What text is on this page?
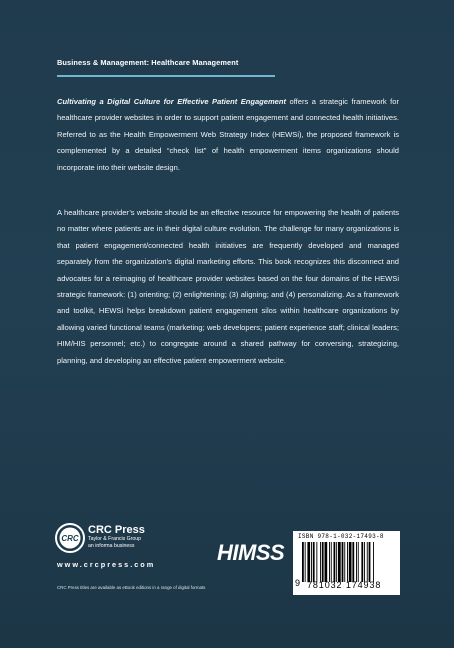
Business & Management: Healthcare Management

Cultivating a Digital Culture for Effective Patient Engagement offers a strategic framework for healthcare provider websites in order to support patient engagement and connected health initiatives. Referred to as the Health Empowerment Web Strategy Index (HEWSi), the proposed framework is complemented by a detailed “check list” of health empowerment items organizations should incorporate into their website design.

A healthcare provider’s website should be an effective resource for empowering the health of patients no matter where patients are in their digital culture evolution. The challenge for many organizations is that patient engagement/connected health initiatives are frequently developed and managed separately from the organization’s digital marketing efforts. This book recognizes this disconnect and advocates for a reimaging of healthcare provider websites based on the four domains of the HEWSi strategic framework: (1) orienting; (2) enlightening; (3) aligning; and (4) personalizing. As a framework and toolkit, HEWSi helps breakdown patient engagement silos within healthcare organizations by allowing varied functional teams (marketing; web developers; patient experience staff; clinical leaders; HIM/HIS personnel; etc.) to congregate around a shared pathway for conversing, strategizing, planning, and developing an effective patient empowerment website.

CRC
CRC Press
Taylor & Francis Group
an informa business
www.crcpress.com
CRC Press titles are available as eBook editions in a range of digital formats
HIMSS
ISBN 978-1-032-17493-8
9 781032 174938
